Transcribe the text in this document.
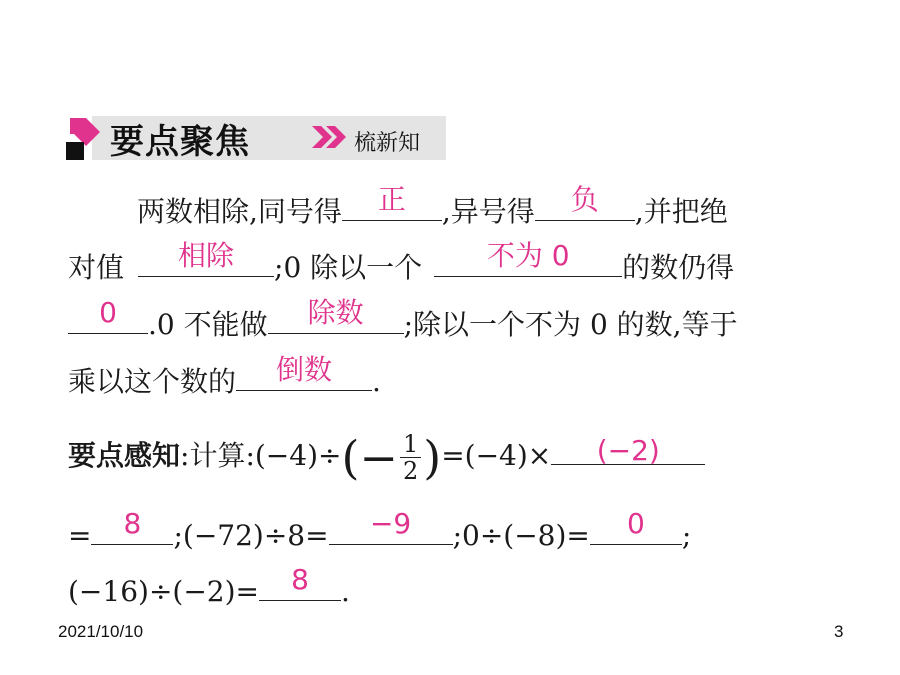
要点聚焦	梳新知
两数相除,同号得	正	,异号得	负	,并把绝
对值	相除	;0 除以一个	不为 0	的数仍得
0	.0 不能做	除数	;除以一个不为 0 的数,等于
乘以这个数的	倒数	.
要点感知:计算:(−4)÷(− $\frac{1}{2} )=(-4)\times$	(−2)
=	8	;(−72)÷8=	−9	;0÷(−8)=	0	;
(−16)÷(−2)=	8	.
2021/10/10	3
